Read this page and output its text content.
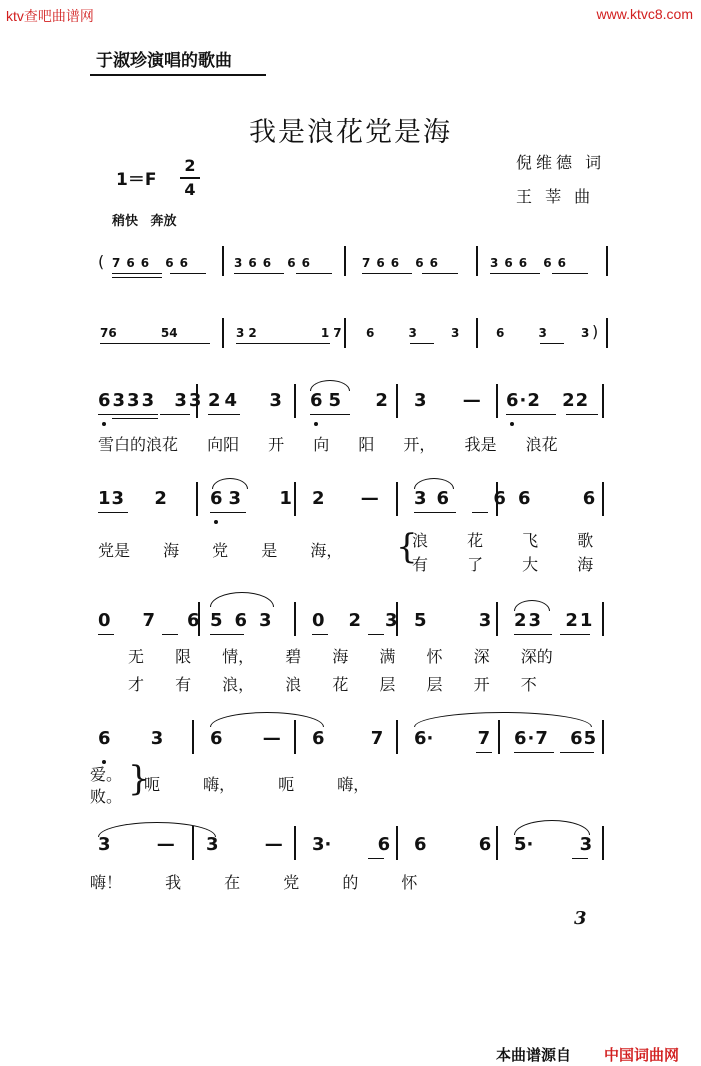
ktv查吧曲谱网	www.ktvc8.com
于淑珍演唱的歌曲
我是浪花党是海
1＝F
2
4
倪维德 词
王 莘 曲
稍快 奔放
( 766 66	366 66	766 66	366 66
76 54	32 17 6 3 3	6 3 3 )
6333 33 24 3 65 2 3 — 6·2 22
雪白的浪花 向阳 开 向 阳 开， 我是 浪花
13 2 63 1 2 — 36 6 6 6
党是 海 党 是 海， {
浪 花 飞 歌
有 了 大 海
076
563 023
5 3 23 21
无 限 情， 碧 海 满 怀 深 深的
才 有 浪， 浪 花 层 层 开 不
6 3	6 — 6 7 6· 7 6·7 65
爱。
败。 }
呃 嗨， 呃 嗨，
3 — 3 — 3· 6 6 6 5· 3
嗨！ 我 在 党 的 怀
3
本曲谱源自 中国词曲网
